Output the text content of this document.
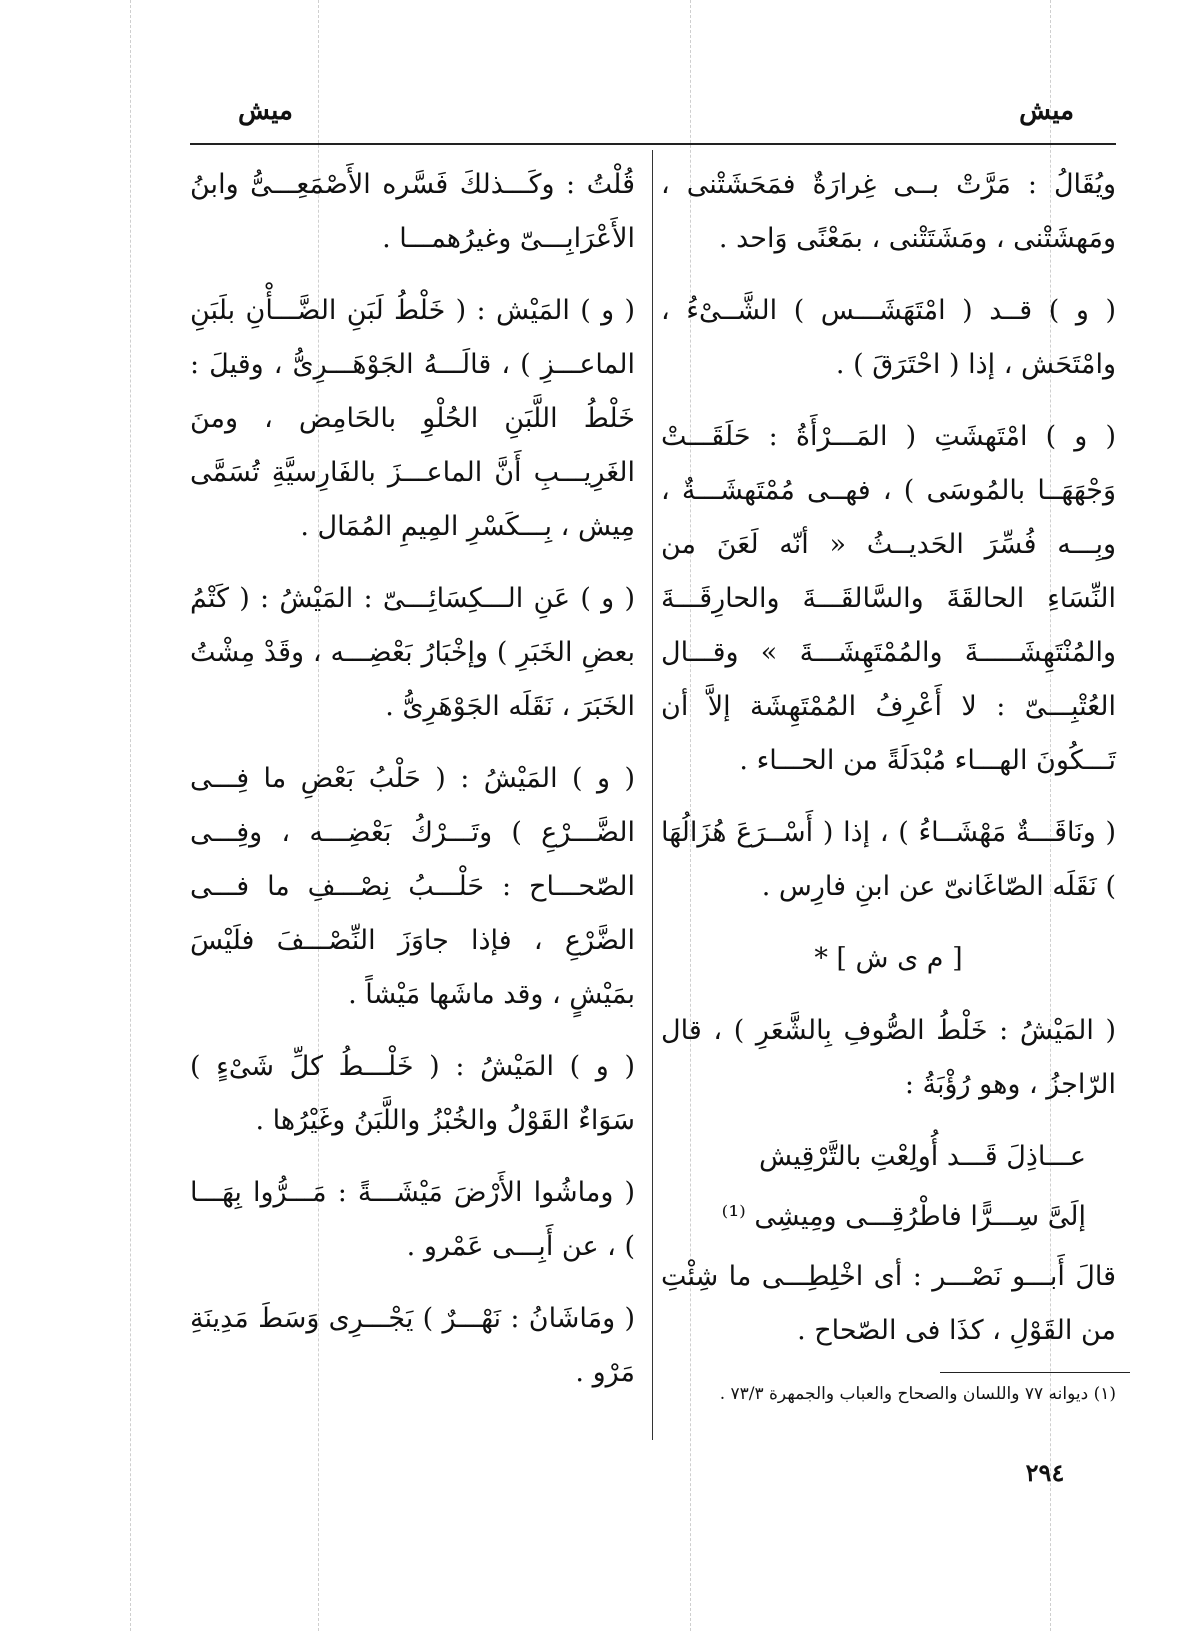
ميش
ميش

ويُقَالُ : مَرَّتْ بــى غِرارَةٌ فمَحَشَتْنى ، ومَهشَتْنى ، ومَشَتَتْنى ، بمَعْنًى وَاحد .

( و ) قــد ( امْتَهَشَـــس ) الشَّــىْءُ ، وامْتَحَش ، إذا ( احْتَرَقَ ) .

( و ) امْتَهشَتِ ( المَـــرْأَةُ : حَلَقَـــتْ وَجْهَهَــا بالمُوسَى ) ، فهــى مُمْتَهشَـــةٌ ، وبِـــه فُسِّرَ الحَديــثُ « أنّه لَعَنَ من النِّسَاءِ الحالقَةَ والسَّالقَـــةَ والحارِقَـــةَ والمُنْتَهِشَـــــةَ والمُمْتَهِشَـــةَ » وقـــال العُتْبِـــىّ : لا أَعْرِفُ المُمْتَهِشَة إلاَّ أن تَـــكُونَ الهـــاء مُبْدَلَةً من الحـــاء .

( ونَاقَـــةٌ مَهْشَــاءُ ) ، إذا ( أَسْــرَعَ هُزَالُهَا ) نَقَلَه الصّاغَانىّ عن ابنِ فارِس .

[ م ى ش ] *

( المَيْشُ : خَلْطُ الصُّوفِ بِالشَّعَرِ ) ، قال الرّاجزُ ، وهو رُؤْبَةُ :

عـــاذِلَ قَـــد أُولِعْتِ بالتَّرْقِيش

إلَىَّ سِـــرًّا فاطْرُقِـــى ومِيشِى ⁽¹⁾

قالَ أَبـــو نَصْـــر : أى اخْلِطِـــى ما شِئْتِ من القَوْلِ ، كذَا فى الصّحاح .

قُلْتُ : وكَـــذلكَ فَسَّره الأَصْمَعِـــىُّ وابنُ الأَعْرَابِـــىّ وغيرُهمـــا .

( و ) المَيْش : ( خَلْطُ لَبَنِ الضَّـــأْنِ بلَبَنِ الماعـــزِ ) ، قالَـــهُ الجَوْهَـــرِىُّ ، وقيلَ : خَلْطُ اللَّبَنِ الحُلْوِ بالحَامِض ، ومنَ الغَرِيـــبِ أَنَّ الماعـــزَ بالفَارِسيَّةِ تُسَمَّى مِيش ، بِـــكَسْرِ المِيمِ المُمَال .

( و ) عَنِ الـــكِسَائِـــىّ : المَيْشُ : ( كَتْمُ بعضِ الخَبَرِ ) وإخْبَارُ بَعْضِـــه ، وقَدْ مِشْتُ الخَبَرَ ، نَقَلَه الجَوْهَرِىُّ .

( و ) المَيْشُ : ( حَلْبُ بَعْضِ ما فِـــى الضَّـــرْعِ ) وتَـــرْكُ بَعْضِـــه ، وفِـــى الصّحـــاح : حَلْـــبُ نِصْـــفِ ما فـــى الضَّرْعِ ، فإذا جاوَزَ النِّصْـــفَ فلَيْسَ بمَيْشٍ ، وقد ماشَها مَيْشاً .

( و ) المَيْشُ : ( خَلْـــطُ كلِّ شَىْءٍ ) سَوَاءٌ القَوْلُ والخُبْزُ واللَّبَنُ وغَيْرُها .

( وماشُوا الأَرْضَ مَيْشَـــةً : مَـــرُّوا بِهَـــا ) ، عن أَبِـــى عَمْرو .

( ومَاشَانُ : نَهْـــرٌ ) يَجْـــرِى وَسَطَ مَدِينَةِ مَرْو .

(١) ديوانه ٧٧ واللسان والصحاح والعباب والجمهرة ٧٣/٣ .

٢٩٤
